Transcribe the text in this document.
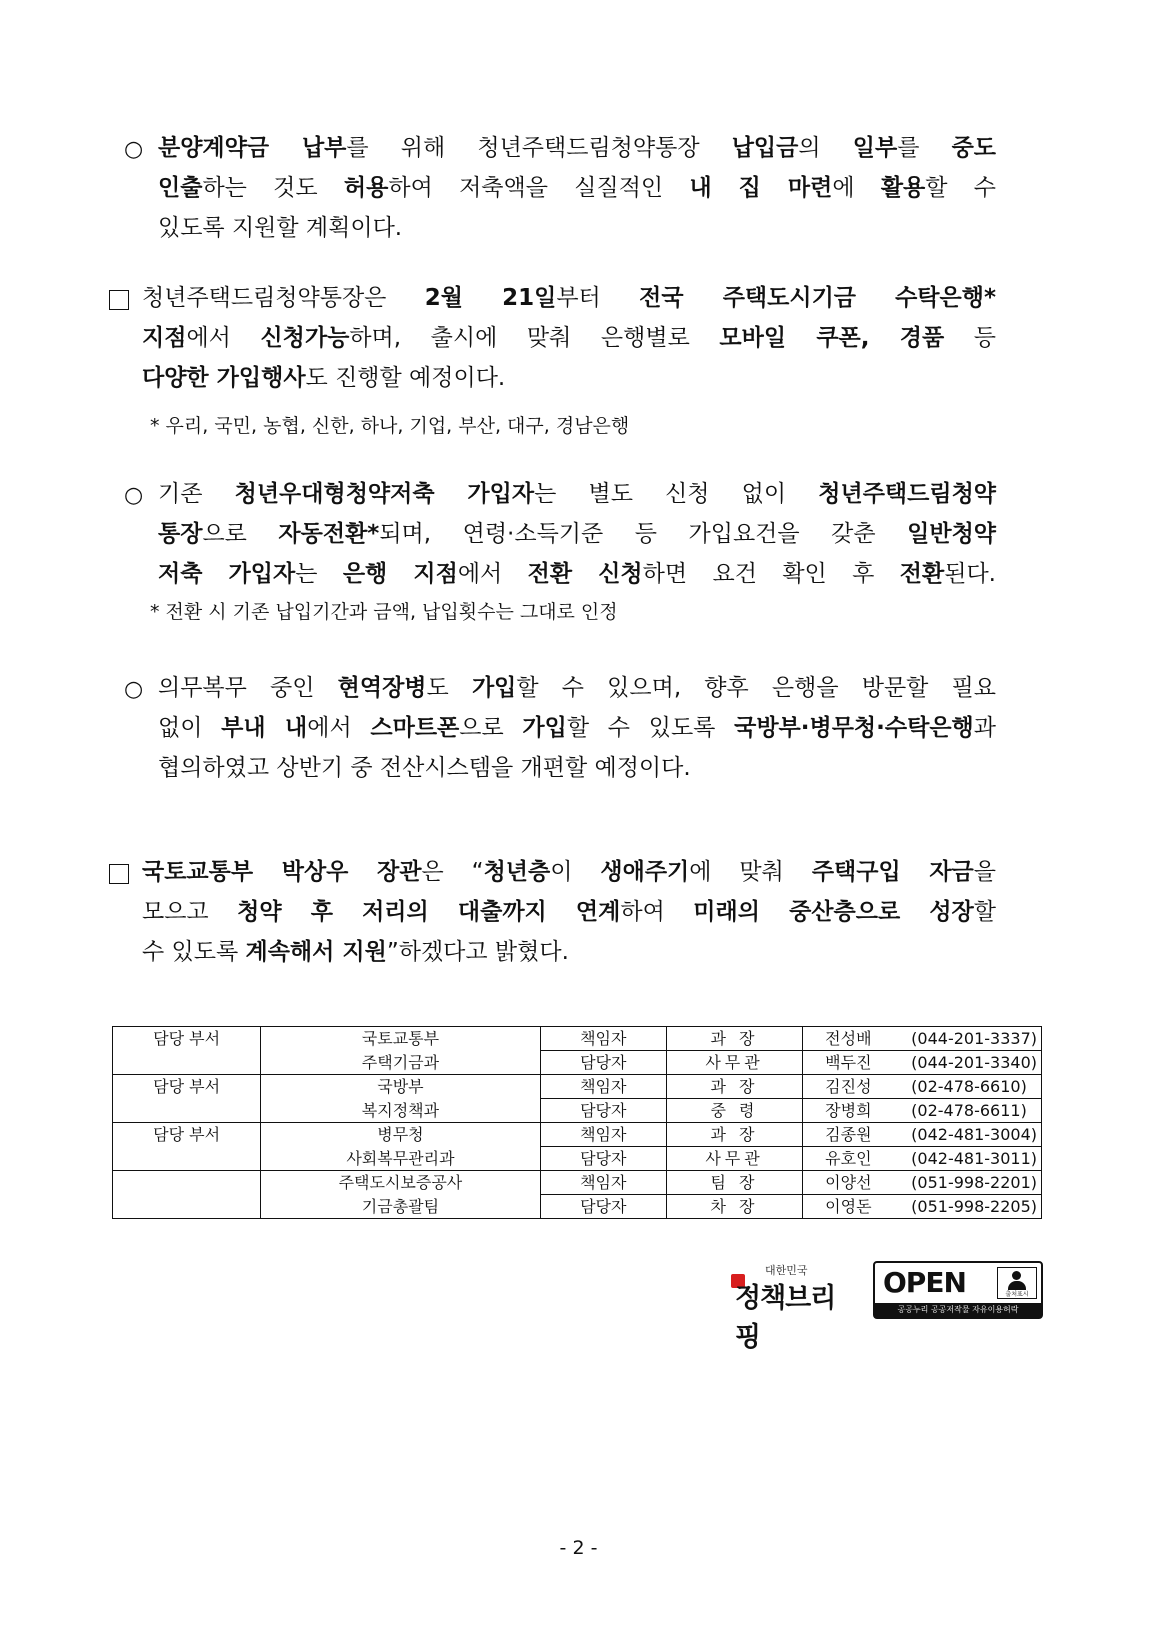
○ 분양계약금 납부를 위해 청년주택드림청약통장 납입금의 일부를 중도
인출하는 것도 허용하여 저축액을 실질적인 내 집 마련에 활용할 수
있도록 지원할 계획이다.
청년주택드림청약통장은 2월 21일부터 전국 주택도시기금 수탁은행*
지점에서 신청가능하며, 출시에 맞춰 은행별로 모바일 쿠폰, 경품 등
다양한 가입행사도 진행할 예정이다.
* 우리, 국민, 농협, 신한, 하나, 기업, 부산, 대구, 경남은행
○ 기존 청년우대형청약저축 가입자는 별도 신청 없이 청년주택드림청약
통장으로 자동전환*되며, 연령·소득기준 등 가입요건을 갖춘 일반청약
저축 가입자는 은행 지점에서 전환 신청하면 요건 확인 후 전환된다.
* 전환 시 기존 납입기간과 금액, 납입횟수는 그대로 인정
○ 의무복무 중인 현역장병도 가입할 수 있으며, 향후 은행을 방문할 필요
없이 부내 내에서 스마트폰으로 가입할 수 있도록 국방부·병무청·수탁은행과
협의하였고 상반기 중 전산시스템을 개편할 예정이다.
국토교통부 박상우 장관은 “청년층이 생애주기에 맞춰 주택구입 자금을
모으고 청약 후 저리의 대출까지 연계하여 미래의 중산층으로 성장할
수 있도록 계속해서 지원”하겠다고 밝혔다.
담당 부서	국토교통부	책임자	과 장	전성배 (044-201-3337)
	주택기금과	담당자	사무관	백두진 (044-201-3340)
담당 부서	국방부	책임자	과 장	김진성 (02-478-6610)
	복지정책과	담당자	중 령	장병희 (02-478-6611)
담당 부서	병무청	책임자	과 장	김종원 (042-481-3004)
	사회복무관리과	담당자	사무관	유호인 (042-481-3011)
	주택도시보증공사	책임자	팀 장	이양선 (051-998-2201)
	기금총괄팀	담당자	차 장	이영돈 (051-998-2205)
대한민국
정책브리핑
OPEN	출처표시
공공누리 공공저작물 자유이용허락
- 2 -
